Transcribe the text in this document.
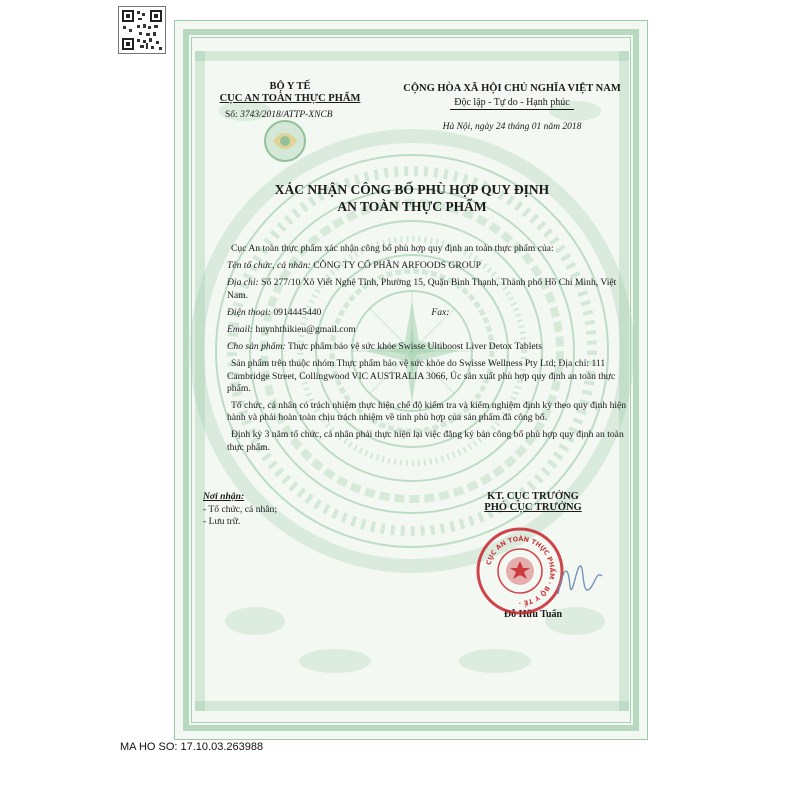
BỘ Y TẾ
CỤC AN TOÀN THỰC PHẨM
Số: 3743/2018/ATTP-XNCB
CỘNG HÒA XÃ HỘI CHỦ NGHĨA VIỆT NAM
Độc lập - Tự do - Hạnh phúc
Hà Nội, ngày 24 tháng 01 năm 2018
XÁC NHẬN CÔNG BỐ PHÙ HỢP QUY ĐỊNH
AN TOÀN THỰC PHẨM

Cục An toàn thực phẩm xác nhận công bố phù hợp quy định an toàn thực phẩm của:

Tên tổ chức, cá nhân: CÔNG TY CỔ PHẦN ARFOODS GROUP

Địa chỉ: Số 277/10 Xô Viết Nghệ Tĩnh, Phường 15, Quận Bình Thạnh, Thành phố Hồ Chí Minh, Việt Nam.

Điện thoại: 0914445440	Fax:

Email: huynhthikieu@gmail.com

Cho sản phẩm: Thực phẩm bảo vệ sức khỏe Swisse Ultiboost Liver Detox Tablets

Sản phẩm trên thuộc nhóm Thực phẩm bảo vệ sức khỏe do Swisse Wellness Pty Ltd; Địa chỉ: 111 Cambridge Street, Collingwood VIC AUSTRALIA 3066, Úc sản xuất phù hợp quy định an toàn thực phẩm.

Tổ chức, cá nhân có trách nhiệm thực hiện chế độ kiểm tra và kiểm nghiệm định kỳ theo quy định hiện hành và phải hoàn toàn chịu trách nhiệm về tính phù hợp của sản phẩm đã công bố.

Định kỳ 3 năm tổ chức, cá nhân phải thực hiện lại việc đăng ký bản công bố phù hợp quy định an toàn thực phẩm.

Nơi nhận:
- Tổ chức, cá nhân;
- Lưu trữ.
KT. CỤC TRƯỞNG
PHÓ CỤC TRƯỞNG
Đỗ Hữu Tuấn
CỤC AN TOÀN THỰC PHẨM · BỘ Y TẾ ·
MA HO SO: 17.10.03.263988
